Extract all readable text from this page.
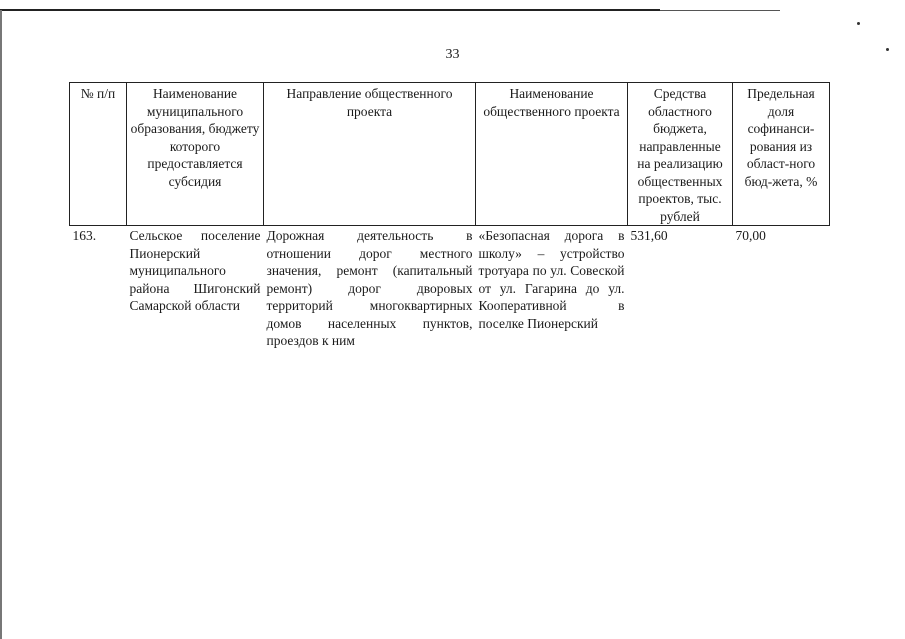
33
№ п/п	Наименование муниципального образования, бюджету которого предоставляется субсидия	Направление общественного проекта	Наименование общественного проекта	Средства областного бюджета, направленные на реализацию общественных проектов, тыс. рублей	Предельная доля софинанси-рования из област-ного бюд-жета, %
163.	Сельское поселение Пионерский муниципального района Шигонский Самарской области	Дорожная деятельность в отношении дорог местного значения, ремонт (капитальный ремонт) дорог дворовых территорий многоквартирных домов населенных пунктов, проездов к ним	«Безопасная дорога в школу» – устройство тротуара по ул. Совеской от ул. Гагарина до ул. Кооперативной в поселке Пионерский	531,60	70,00
